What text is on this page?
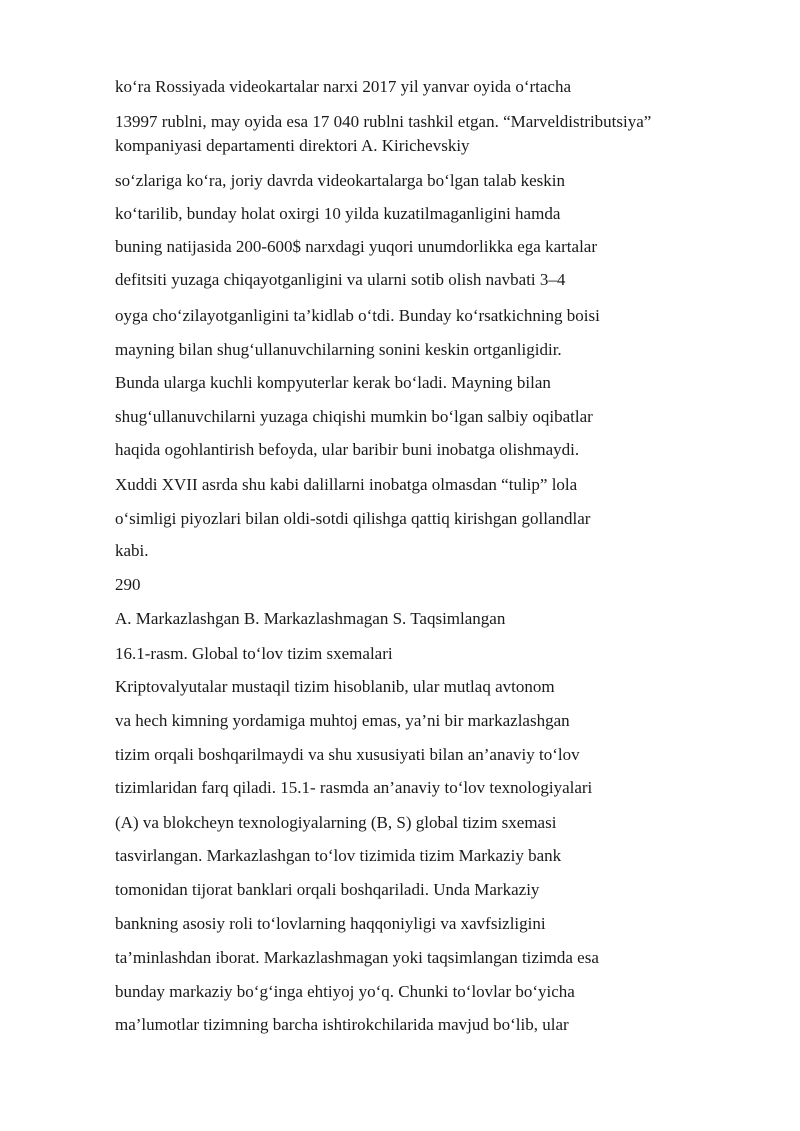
ko‘ra Rossiyada videokartalar narxi 2017 yil yanvar oyida o‘rtacha
13997 rublni, may oyida esa 17 040 rublni tashkil etgan. “Marveldistributsiya”
kompaniyasi departamenti direktori A. Kirichevskiy
so‘zlariga ko‘ra, joriy davrda videokartalarga bo‘lgan talab keskin
ko‘tarilib, bunday holat oxirgi 10 yilda kuzatilmaganligini hamda
buning natijasida 200-600$ narxdagi yuqori unumdorlikka ega kartalar
defitsiti yuzaga chiqayotganligini va ularni sotib olish navbati 3–4
oyga cho‘zilayotganligini ta’kidlab o‘tdi. Bunday ko‘rsatkichning boisi
mayning bilan shug‘ullanuvchilarning sonini keskin ortganligidir.
Bunda ularga kuchli kompyuterlar kerak bo‘ladi. Mayning bilan
shug‘ullanuvchilarni yuzaga chiqishi mumkin bo‘lgan salbiy oqibatlar
haqida ogohlantirish befoyda, ular baribir buni inobatga olishmaydi.
Xuddi XVII asrda shu kabi dalillarni inobatga olmasdan “tulip” lola
o‘simligi piyozlari bilan oldi-sotdi qilishga qattiq kirishgan gollandlar
kabi.
290
A. Markazlashgan B. Markazlashmagan S. Taqsimlangan
16.1-rasm. Global to‘lov tizim sxemalari
Kriptovalyutalar mustaqil tizim hisoblanib, ular mutlaq avtonom
va hech kimning yordamiga muhtoj emas, ya’ni bir markazlashgan
tizim orqali boshqarilmaydi va shu xususiyati bilan an’anaviy to‘lov
tizimlaridan farq qiladi. 15.1- rasmda an’anaviy to‘lov texnologiyalari
(A) va blokcheyn texnologiyalarning (B, S) global tizim sxemasi
tasvirlangan. Markazlashgan to‘lov tizimida tizim Markaziy bank
tomonidan tijorat banklari orqali boshqariladi. Unda Markaziy
bankning asosiy roli to‘lovlarning haqqoniyligi va xavfsizligini
ta’minlashdan iborat. Markazlashmagan yoki taqsimlangan tizimda esa
bunday markaziy bo‘g‘inga ehtiyoj yo‘q. Chunki to‘lovlar bo‘yicha
ma’lumotlar tizimning barcha ishtirokchilarida mavjud bo‘lib, ular
